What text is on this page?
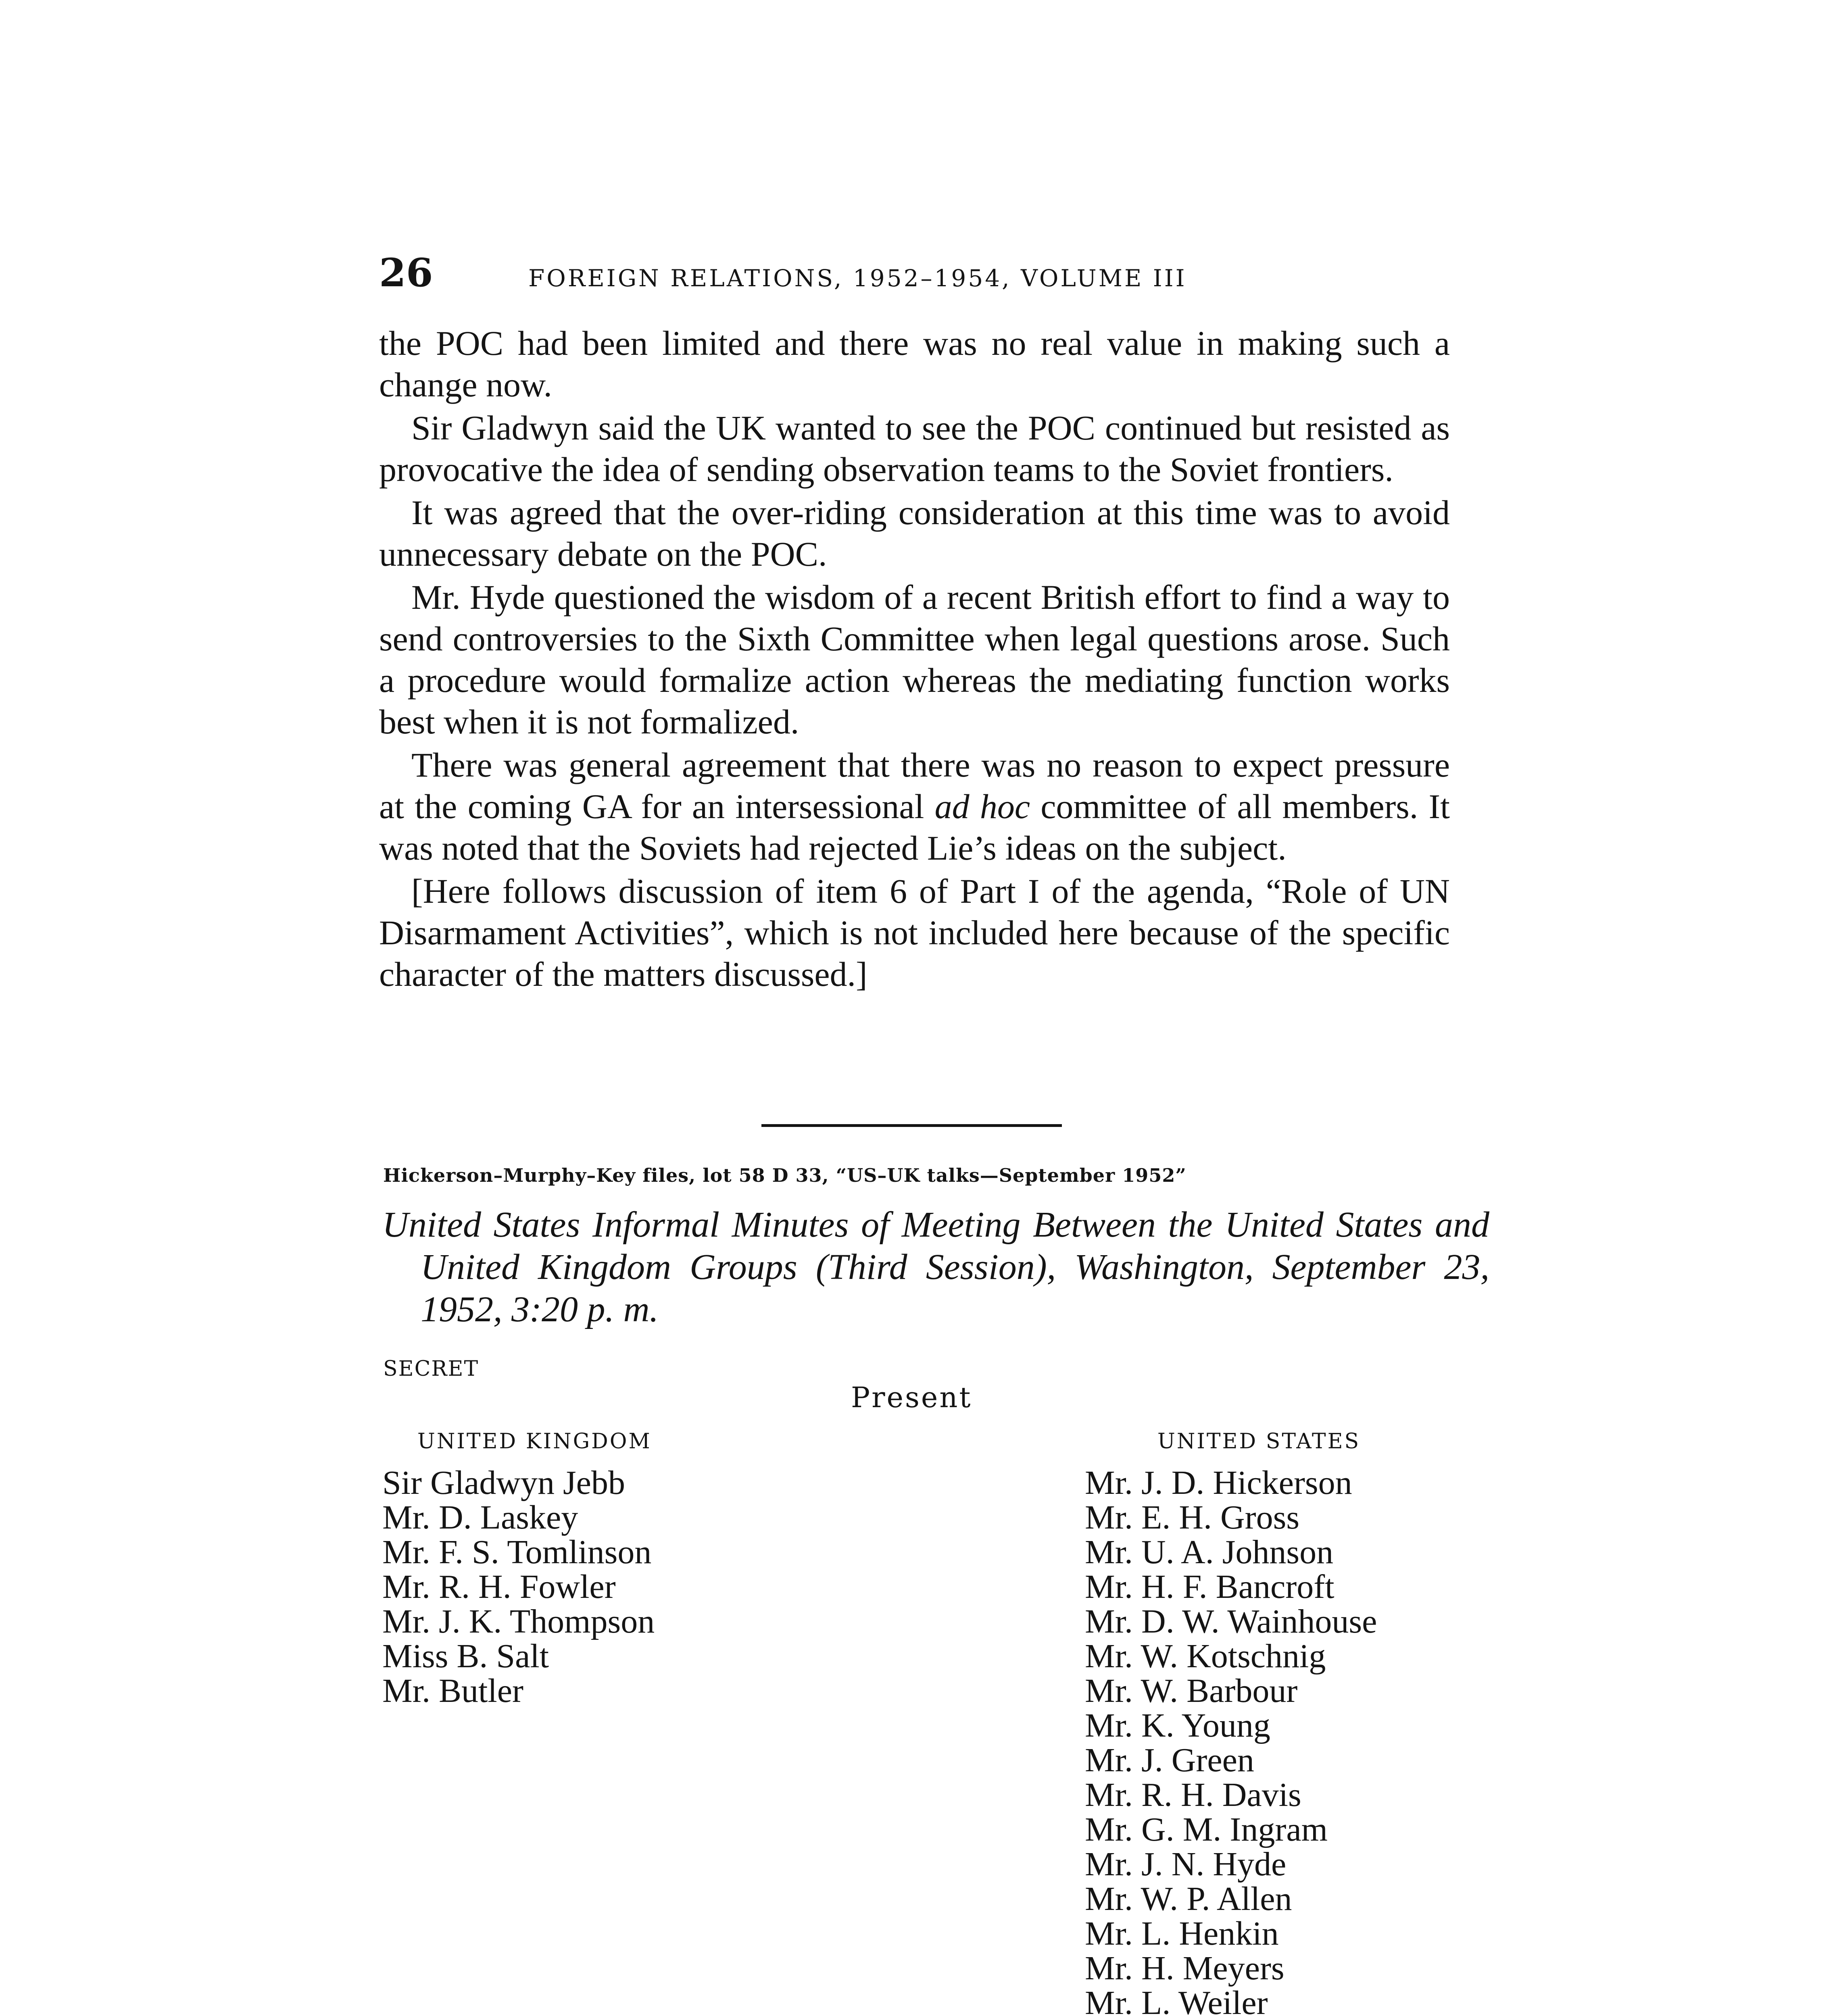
26	FOREIGN RELATIONS, 1952–1954, VOLUME III

the POC had been limited and there was no real value in making such a change now.

Sir Gladwyn said the UK wanted to see the POC continued but resisted as provocative the idea of sending observation teams to the Soviet frontiers.

It was agreed that the over-riding consideration at this time was to avoid unnecessary debate on the POC.

Mr. Hyde questioned the wisdom of a recent British effort to find a way to send controversies to the Sixth Committee when legal questions arose. Such a procedure would formalize action whereas the mediating function works best when it is not formalized.

There was general agreement that there was no reason to expect pressure at the coming GA for an intersessional ad hoc committee of all members. It was noted that the Soviets had rejected Lie’s ideas on the subject.

[Here follows discussion of item 6 of Part I of the agenda, “Role of UN Disarmament Activities”, which is not included here because of the specific character of the matters discussed.]

Hickerson–Murphy–Key files, lot 58 D 33, “US–UK talks—September 1952”
United States Informal Minutes of Meeting Between the United States and United Kingdom Groups (Third Session), Washington, September 23, 1952, 3:20 p. m.
SECRET
Present
UNITED KINGDOM	UNITED STATES
Sir Gladwyn Jebb
Mr. D. Laskey
Mr. F. S. Tomlinson
Mr. R. H. Fowler
Mr. J. K. Thompson
Miss B. Salt
Mr. Butler
Mr. J. D. Hickerson
Mr. E. H. Gross
Mr. U. A. Johnson
Mr. H. F. Bancroft
Mr. D. W. Wainhouse
Mr. W. Kotschnig
Mr. W. Barbour
Mr. K. Young
Mr. J. Green
Mr. R. H. Davis
Mr. G. M. Ingram
Mr. J. N. Hyde
Mr. W. P. Allen
Mr. L. Henkin
Mr. H. Meyers
Mr. L. Weiler
